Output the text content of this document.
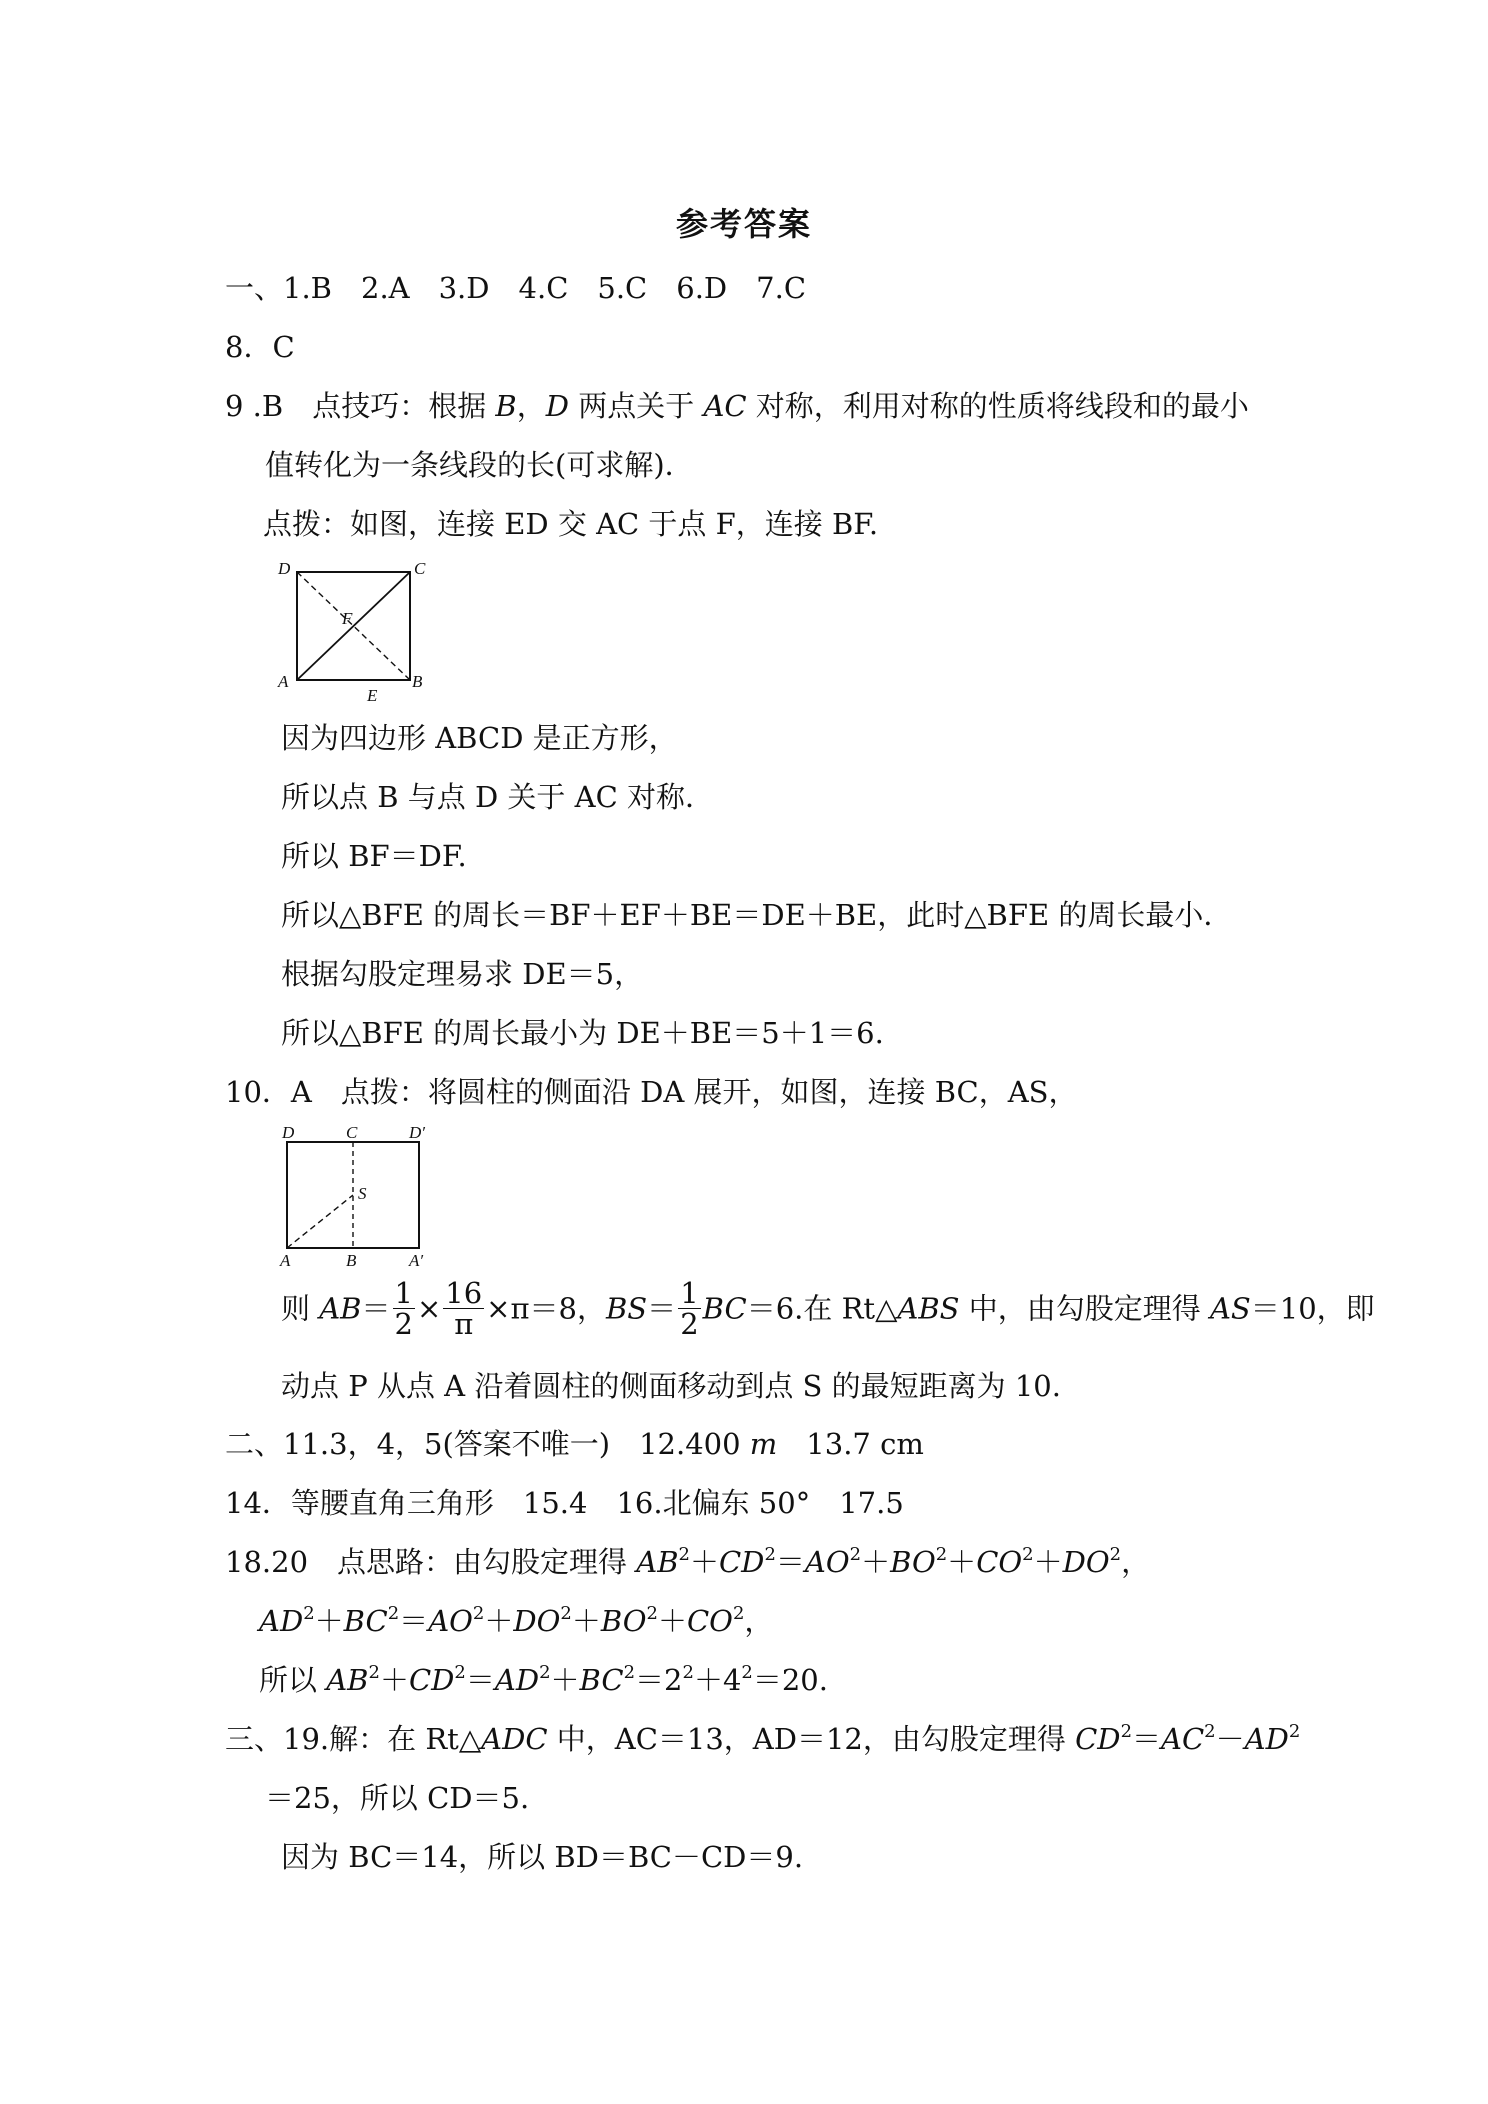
参考答案
一、1.B　2.A　3.D　4.C　5.C　6.D　7.C
8．C
9 .B　点技巧：根据 B，D 两点关于 AC 对称，利用对称的性质将线段和的最小
值转化为一条线段的长(可求解)．
点拨：如图，连接 ED 交 AC 于点 F，连接 BF.
D	C
F
A	B
E
因为四边形 ABCD 是正方形，
所以点 B 与点 D 关于 AC 对称．
所以 BF＝DF.
所以△BFE 的周长＝BF＋EF＋BE＝DE＋BE，此时△BFE 的周长最小．
根据勾股定理易求 DE＝5，
所以△BFE 的周长最小为 DE＋BE＝5＋1＝6.
10．A　点拨：将圆柱的侧面沿 DA 展开，如图，连接 BC，AS，
D	C	D′
S
A	B	A′
则 $AB= \frac{1}{2} \times \frac{16}{\pi} \times\pi=8$，$BS= \frac{1}{2} BC=6$.在 Rt△ABS 中，由勾股定理得 AS＝10，即
动点 P 从点 A 沿着圆柱的侧面移动到点 S 的最短距离为 10.
二、11.3，4，5(答案不唯一)　12.400 m　13.7 cm
14．等腰直角三角形　15.4　16.北偏东 50°　17.5
18.20　点思路：由勾股定理得 $AB^2+CD^2=AO^2+BO^2+CO^2+DO^2$，
$AD^2+BC^2=AO^2+DO^2+BO^2+CO^2$，
所以 $AB^2+CD^2=AD^2+BC^2=2^2+4^2=20$.
三、19.解：在 Rt△ADC 中，AC＝13，AD＝12，由勾股定理得 $CD^2=AC^2-AD^2$
＝25，所以 CD＝5.
因为 BC＝14，所以 BD＝BC－CD＝9.
